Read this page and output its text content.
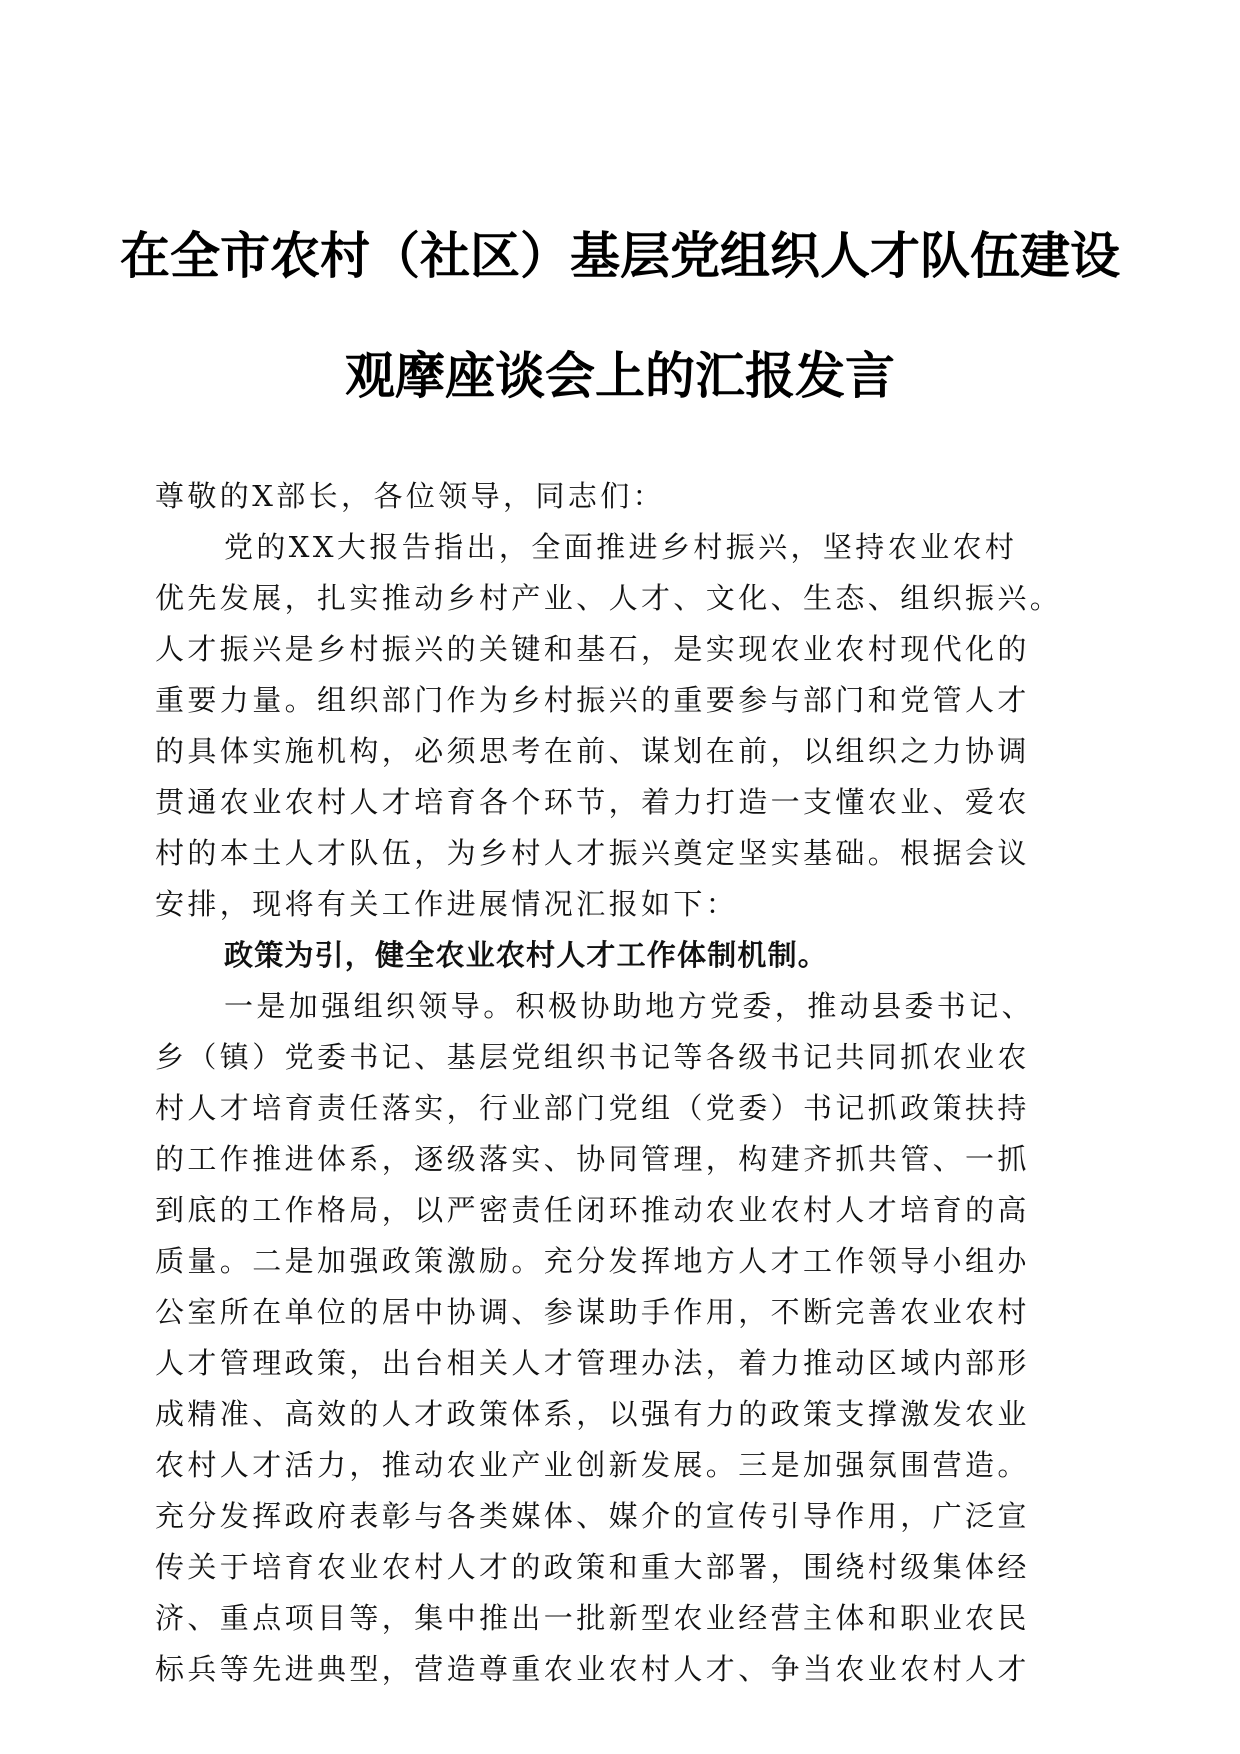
在全市农村（社区）基层党组织人才队伍建设
观摩座谈会上的汇报发言
尊敬的X部长，各位领导，同志们：
党的XX大报告指出，全面推进乡村振兴，坚持农业农村
优先发展，扎实推动乡村产业、人才、文化、生态、组织振兴。
人才振兴是乡村振兴的关键和基石，是实现农业农村现代化的
重要力量。组织部门作为乡村振兴的重要参与部门和党管人才
的具体实施机构，必须思考在前、谋划在前，以组织之力协调
贯通农业农村人才培育各个环节，着力打造一支懂农业、爱农
村的本土人才队伍，为乡村人才振兴奠定坚实基础。根据会议
安排，现将有关工作进展情况汇报如下：
政策为引，健全农业农村人才工作体制机制。
一是加强组织领导。积极协助地方党委，推动县委书记、
乡（镇）党委书记、基层党组织书记等各级书记共同抓农业农
村人才培育责任落实，行业部门党组（党委）书记抓政策扶持
的工作推进体系，逐级落实、协同管理，构建齐抓共管、一抓
到底的工作格局，以严密责任闭环推动农业农村人才培育的高
质量。二是加强政策激励。充分发挥地方人才工作领导小组办
公室所在单位的居中协调、参谋助手作用，不断完善农业农村
人才管理政策，出台相关人才管理办法，着力推动区域内部形
成精准、高效的人才政策体系，以强有力的政策支撑激发农业
农村人才活力，推动农业产业创新发展。三是加强氛围营造。
充分发挥政府表彰与各类媒体、媒介的宣传引导作用，广泛宣
传关于培育农业农村人才的政策和重大部署，围绕村级集体经
济、重点项目等，集中推出一批新型农业经营主体和职业农民
标兵等先进典型，营造尊重农业农村人才、争当农业农村人才
